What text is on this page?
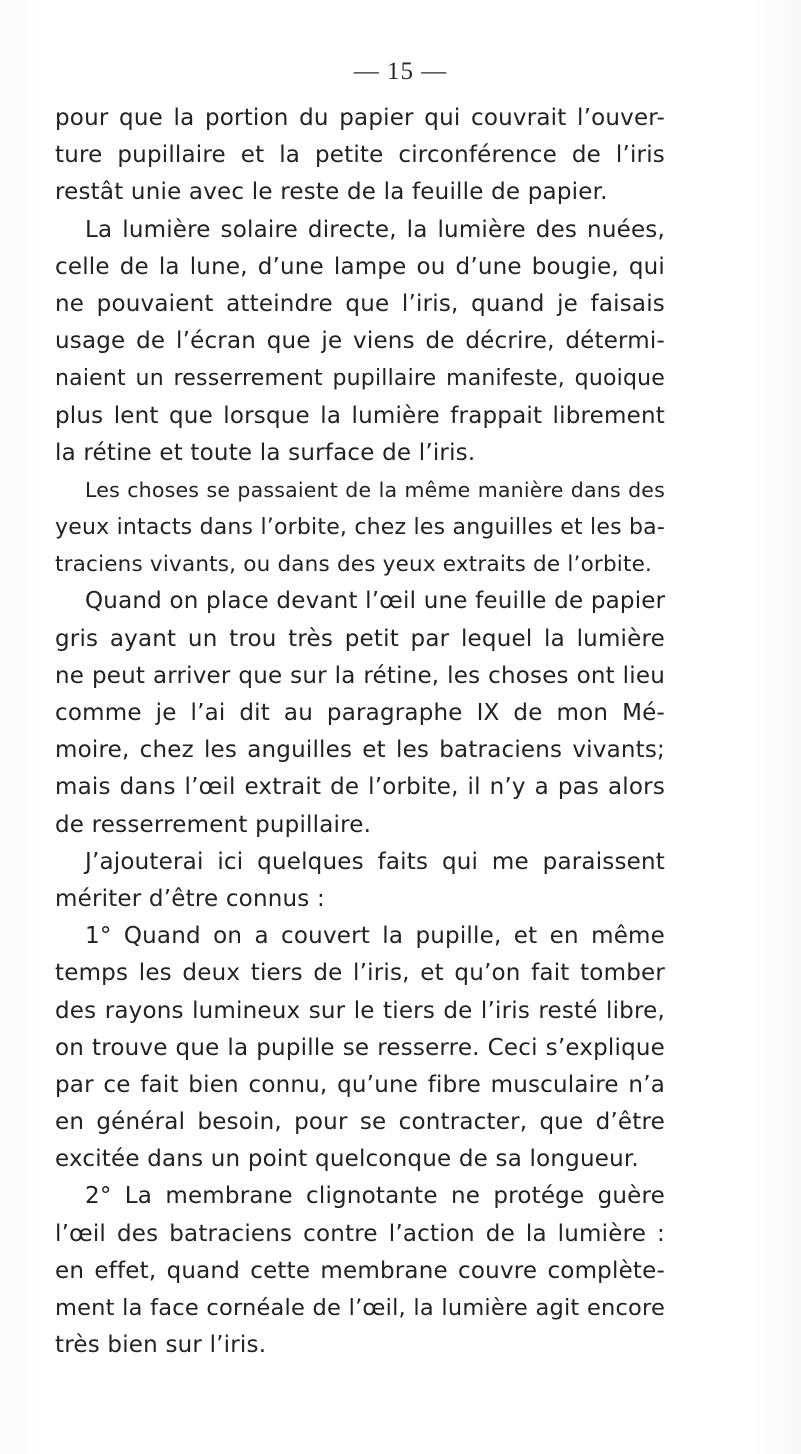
— 15 —
pour que la portion du papier qui couvrait l’ouver-
ture pupillaire et la petite circonférence de l’iris
restât unie avec le reste de la feuille de papier.
La lumière solaire directe, la lumière des nuées,
celle de la lune, d’une lampe ou d’une bougie, qui
ne pouvaient atteindre que l’iris, quand je faisais
usage de l’écran que je viens de décrire, détermi-
naient un resserrement pupillaire manifeste, quoique
plus lent que lorsque la lumière frappait librement
la rétine et toute la surface de l’iris.
Les choses se passaient de la même manière dans des
yeux intacts dans l’orbite, chez les anguilles et les ba-
traciens vivants, ou dans des yeux extraits de l’orbite.
Quand on place devant l’œil une feuille de papier
gris ayant un trou très petit par lequel la lumière
ne peut arriver que sur la rétine, les choses ont lieu
comme je l’ai dit au paragraphe IX de mon Mé-
moire, chez les anguilles et les batraciens vivants;
mais dans l’œil extrait de l’orbite, il n’y a pas alors
de resserrement pupillaire.
J’ajouterai ici quelques faits qui me paraissent
mériter d’être connus :
1° Quand on a couvert la pupille, et en même
temps les deux tiers de l’iris, et qu’on fait tomber
des rayons lumineux sur le tiers de l’iris resté libre,
on trouve que la pupille se resserre. Ceci s’explique
par ce fait bien connu, qu’une fibre musculaire n’a
en général besoin, pour se contracter, que d’être
excitée dans un point quelconque de sa longueur.
2° La membrane clignotante ne protége guère
l’œil des batraciens contre l’action de la lumière :
en effet, quand cette membrane couvre complète-
ment la face cornéale de l’œil, la lumière agit encore
très bien sur l’iris.
